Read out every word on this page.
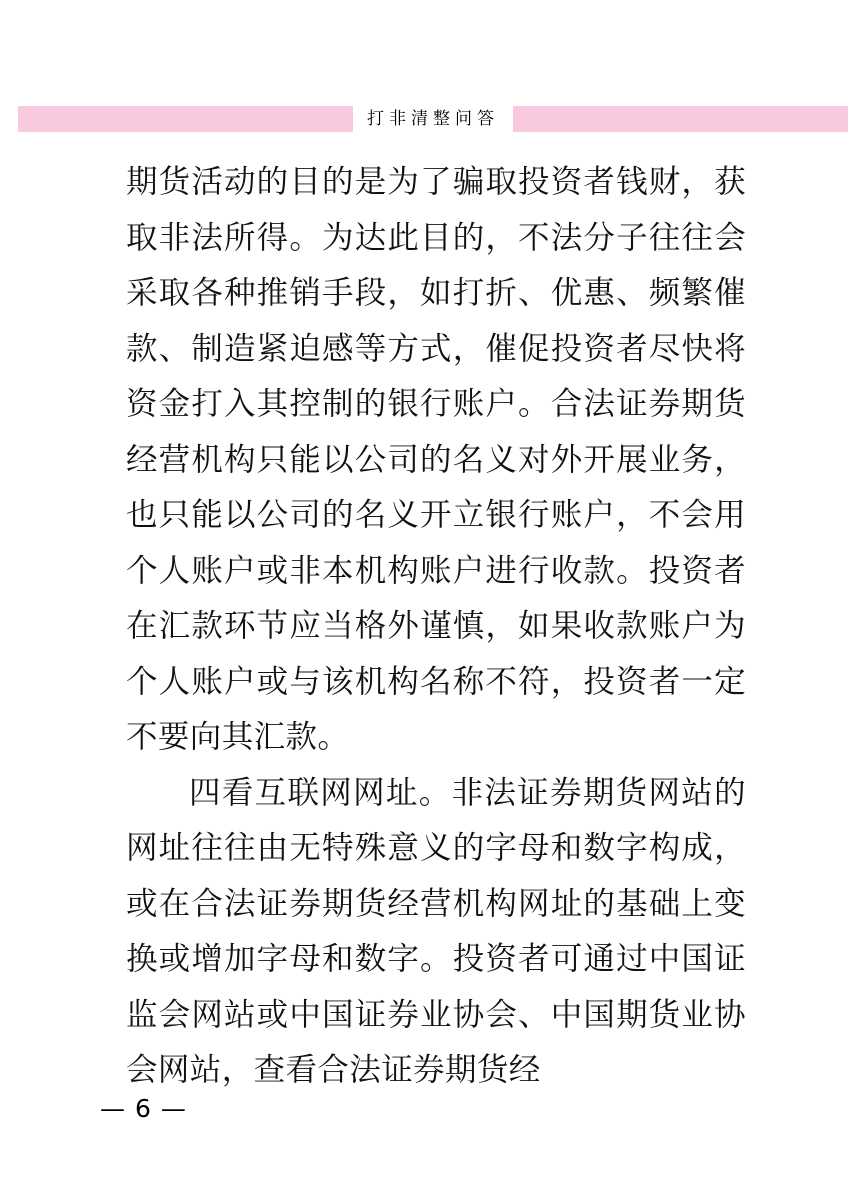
打非清整问答

期货活动的目的是为了骗取投资者钱财，获取非法所得。为达此目的，不法分子往往会采取各种推销手段，如打折、优惠、频繁催款、制造紧迫感等方式，催促投资者尽快将资金打入其控制的银行账户。合法证券期货经营机构只能以公司的名义对外开展业务，也只能以公司的名义开立银行账户，不会用个人账户或非本机构账户进行收款。投资者在汇款环节应当格外谨慎，如果收款账户为个人账户或与该机构名称不符，投资者一定不要向其汇款。

四看互联网网址。非法证券期货网站的网址往往由无特殊意义的字母和数字构成，或在合法证券期货经营机构网址的基础上变换或增加字母和数字。投资者可通过中国证监会网站或中国证券业协会、中国期货业协会网站，查看合法证券期货经

— 6 —
